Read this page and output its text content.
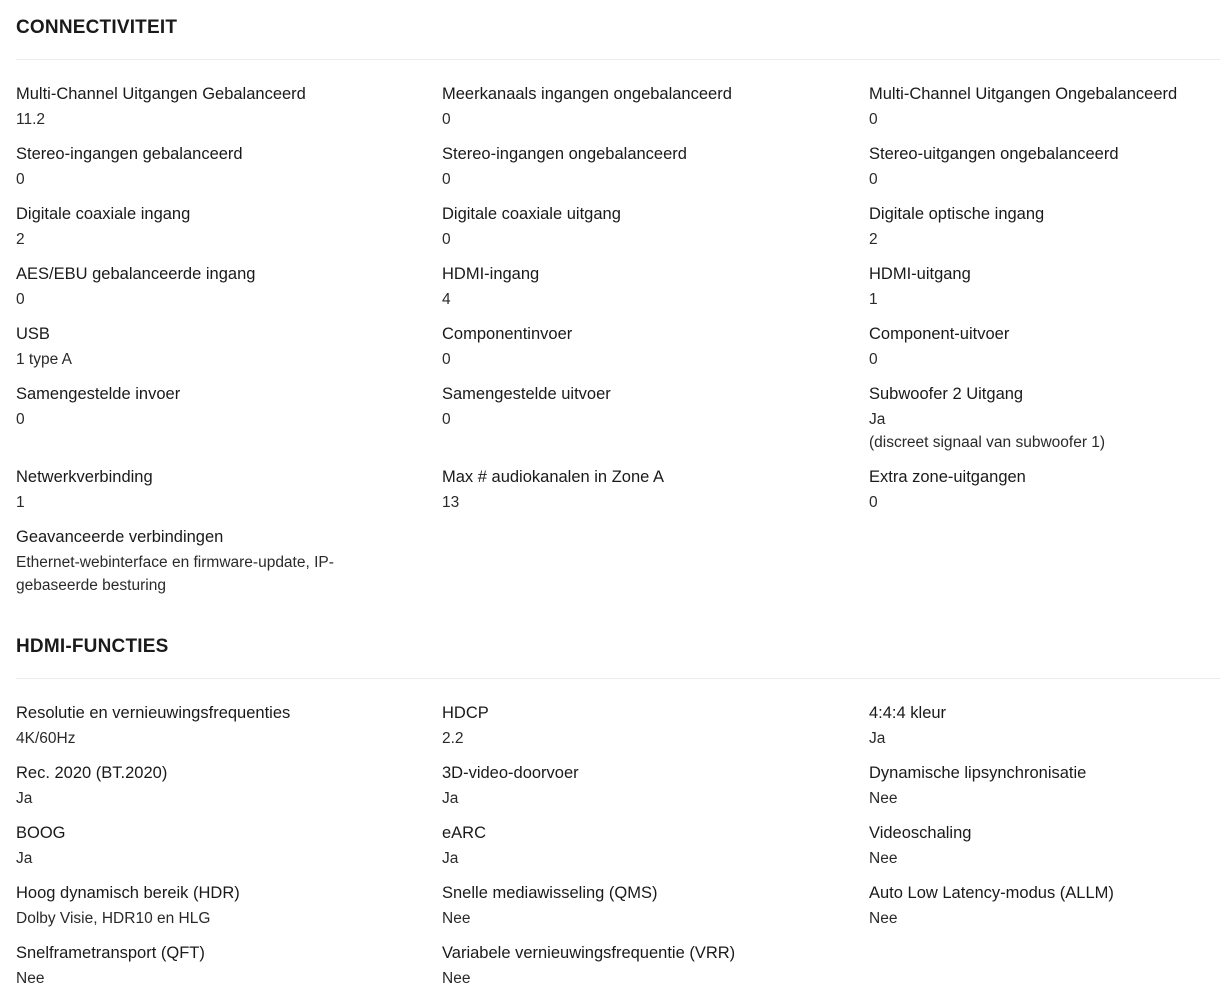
CONNECTIVITEIT
Multi-Channel Uitgangen Gebalanceerd
11.2
Meerkanaals ingangen ongebalanceerd
0
Multi-Channel Uitgangen Ongebalanceerd
0
Stereo-ingangen gebalanceerd
0
Stereo-ingangen ongebalanceerd
0
Stereo-uitgangen ongebalanceerd
0
Digitale coaxiale ingang
2
Digitale coaxiale uitgang
0
Digitale optische ingang
2
AES/EBU gebalanceerde ingang
0
HDMI-ingang
4
HDMI-uitgang
1
USB
1 type A
Componentinvoer
0
Component-uitvoer
0
Samengestelde invoer
0
Samengestelde uitvoer
0
Subwoofer 2 Uitgang
Ja
(discreet signaal van subwoofer 1)
Netwerkverbinding
1
Max # audiokanalen in Zone A
13
Extra zone-uitgangen
0
Geavanceerde verbindingen
Ethernet-webinterface en firmware-update, IP-gebaseerde besturing
HDMI-FUNCTIES
Resolutie en vernieuwingsfrequenties
4K/60Hz
HDCP
2.2
4:4:4 kleur
Ja
Rec. 2020 (BT.2020)
Ja
3D-video-doorvoer
Ja
Dynamische lipsynchronisatie
Nee
BOOG
Ja
eARC
Ja
Videoschaling
Nee
Hoog dynamisch bereik (HDR)
Dolby Visie, HDR10 en HLG
Snelle mediawisseling (QMS)
Nee
Auto Low Latency-modus (ALLM)
Nee
Snelframetransport (QFT)
Nee
Variabele vernieuwingsfrequentie (VRR)
Nee
